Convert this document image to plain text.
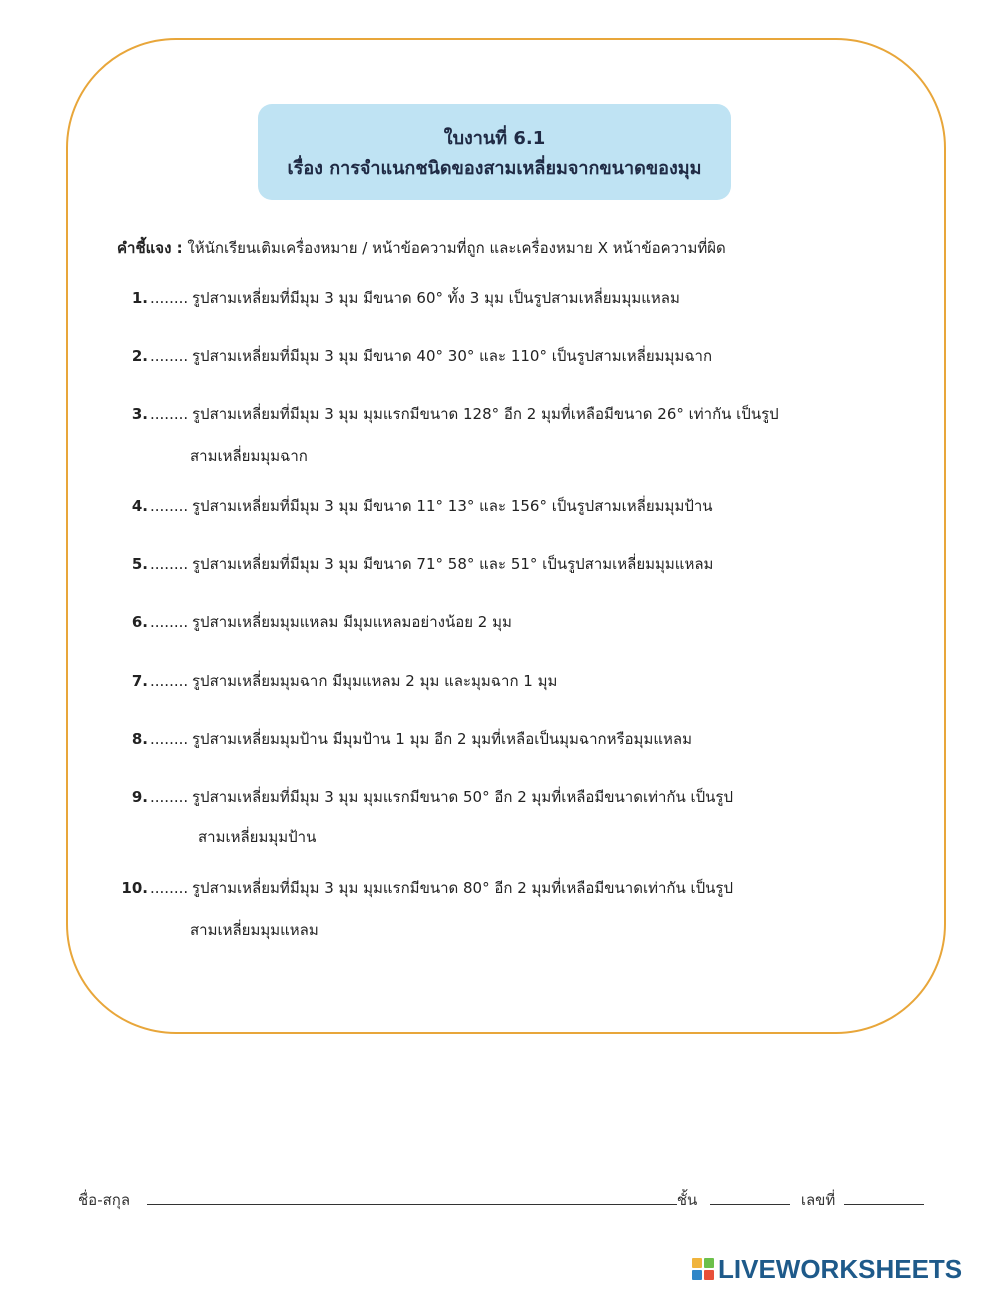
ใบงานที่ 6.1
เรื่อง การจำแนกชนิดของสามเหลี่ยมจากขนาดของมุม
คำชี้แจง : ให้นักเรียนเติมเครื่องหมาย / หน้าข้อความที่ถูก และเครื่องหมาย X หน้าข้อความที่ผิด
1. ........ รูปสามเหลี่ยมที่มีมุม 3 มุม มีขนาด 60° ทั้ง 3 มุม เป็นรูปสามเหลี่ยมมุมแหลม
2. ........ รูปสามเหลี่ยมที่มีมุม 3 มุม มีขนาด 40° 30° และ 110° เป็นรูปสามเหลี่ยมมุมฉาก
3. ........ รูปสามเหลี่ยมที่มีมุม 3 มุม มุมแรกมีขนาด 128° อีก 2 มุมที่เหลือมีขนาด 26° เท่ากัน เป็นรูป
สามเหลี่ยมมุมฉาก
4. ........ รูปสามเหลี่ยมที่มีมุม 3 มุม มีขนาด 11° 13° และ 156° เป็นรูปสามเหลี่ยมมุมป้าน
5. ........ รูปสามเหลี่ยมที่มีมุม 3 มุม มีขนาด 71° 58° และ 51° เป็นรูปสามเหลี่ยมมุมแหลม
6. ........ รูปสามเหลี่ยมมุมแหลม มีมุมแหลมอย่างน้อย 2 มุม
7. ........ รูปสามเหลี่ยมมุมฉาก มีมุมแหลม 2 มุม และมุมฉาก 1 มุม
8. ........ รูปสามเหลี่ยมมุมป้าน มีมุมป้าน 1 มุม อีก 2 มุมที่เหลือเป็นมุมฉากหรือมุมแหลม
9. ........ รูปสามเหลี่ยมที่มีมุม 3 มุม มุมแรกมีขนาด 50° อีก 2 มุมที่เหลือมีขนาดเท่ากัน เป็นรูป
สามเหลี่ยมมุมป้าน
10. ........ รูปสามเหลี่ยมที่มีมุม 3 มุม มุมแรกมีขนาด 80° อีก 2 มุมที่เหลือมีขนาดเท่ากัน เป็นรูป
สามเหลี่ยมมุมแหลม
ชื่อ-สกุล	ชั้น	เลขที่
LIVEWORKSHEETS
